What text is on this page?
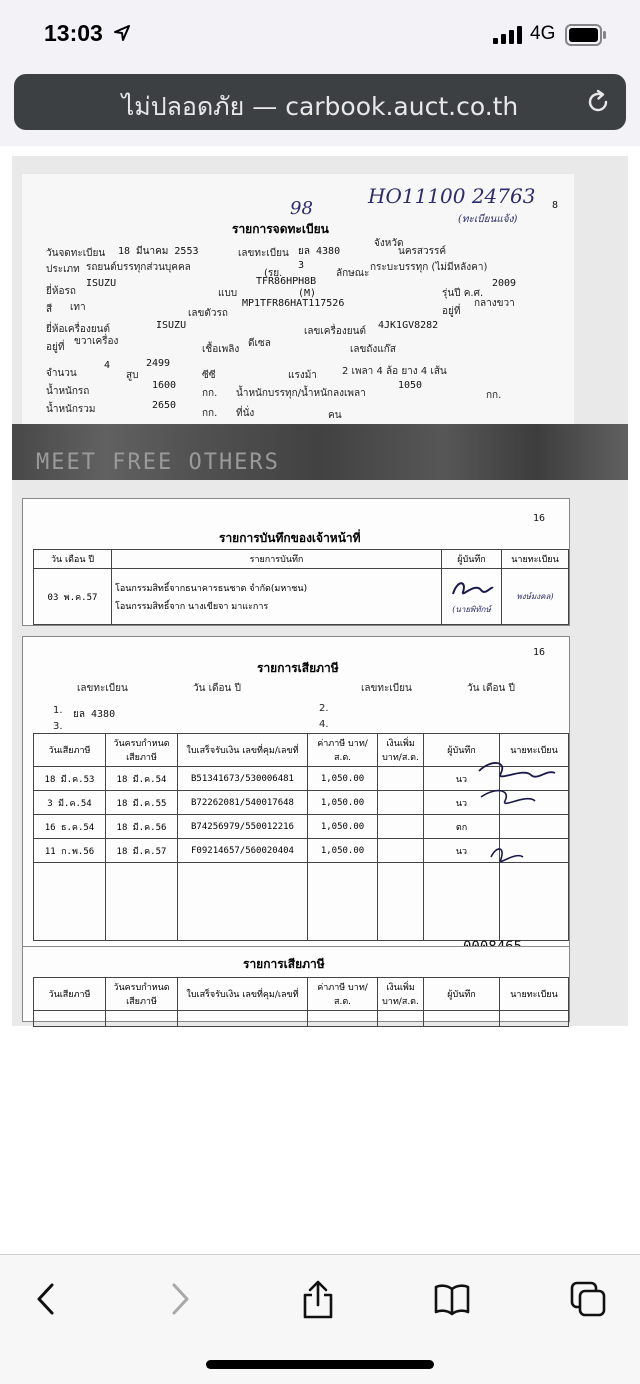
13:03	4G
ไม่ปลอดภัย — carbook.auct.co.th
98
HO11100 24763
(ทะเบียนแจ้ง)
8
รายการจดทะเบียน
วันจดทะเบียน 18 มีนาคม 2553	เลขทะเบียน ยล 4380
จังหวัด
นครสวรรค์
ประเภท รถยนต์บรรทุกส่วนบุคคล
(รย.
3
ลักษณะ
กระบะบรรทุก (ไม่มีหลังคา)
ยี่ห้อรถ
ISUZU
แบบ
TFR86HPH8B
(M)	รุ่นปี ค.ศ.
2009
สี เทา
เลขตัวรถ
MP1TFR86HAT117526
อยู่ที่
กลางขวา
ยี่ห้อเครื่องยนต์	ISUZU
เลขเครื่องยนต์
4JK1GV8282
อยู่ที่
ขวาเครื่อง
เชื้อเพลิง
ดีเซล
เลขถังแก๊ส
จำนวน
4
สูบ
2499
ซีซี	แรงม้า	2 เพลา 4 ล้อ ยาง 4 เส้น
น้ำหนักรถ
1600
กก. น้ำหนักบรรทุก/น้ำหนักลงเพลา
1050
กก.
น้ำหนักรวม	2650
กก. ที่นั่ง	คน
MEET FREE OTHERS
16
รายการบันทึกของเจ้าหน้าที่
วัน เดือน ปี	รายการบันทึก	ผู้บันทึก	นายทะเบียน
03 พ.ค.57	โอนกรรมสิทธิ์จากธนาคารธนชาต จำกัด(มหาชน)
โอนกรรมสิทธิ์จาก นางเขียจา มาแะการ	(นายพิทักษ์	พงษ์มงคล)
16
รายการเสียภาษี
เลขทะเบียน	วัน เดือน ปี	เลขทะเบียน	วัน เดือน ปี
1. ยล 4380
2.
3.	4.
วันเสียภาษี	วันครบกำหนด เสียภาษี	ใบเสร็จรับเงิน เลขที่คุม/เลขที่	ค่าภาษี บาท/ส.ต.	เงินเพิ่ม บาท/ส.ต.	ผู้บันทึก	นายทะเบียน
18 มี.ค.53	18 มี.ค.54	B51341673/530006481	1,050.00		นว	
3 มี.ค.54	18 มี.ค.55	B72262081/540017648	1,050.00		นว	
16 ธ.ค.54	18 มี.ค.56	B74256979/550012216	1,050.00		ตก	
11 ก.พ.56	18 มี.ค.57	F09214657/560020404	1,050.00		นว	

รายการเสียภาษี
วันเสียภาษี	วันครบกำหนด เสียภาษี	ใบเสร็จรับเงิน เลขที่คุม/เลขที่	ค่าภาษี บาท/ส.ต.	เงินเพิ่ม บาท/ส.ต.	ผู้บันทึก	นายทะเบียน
